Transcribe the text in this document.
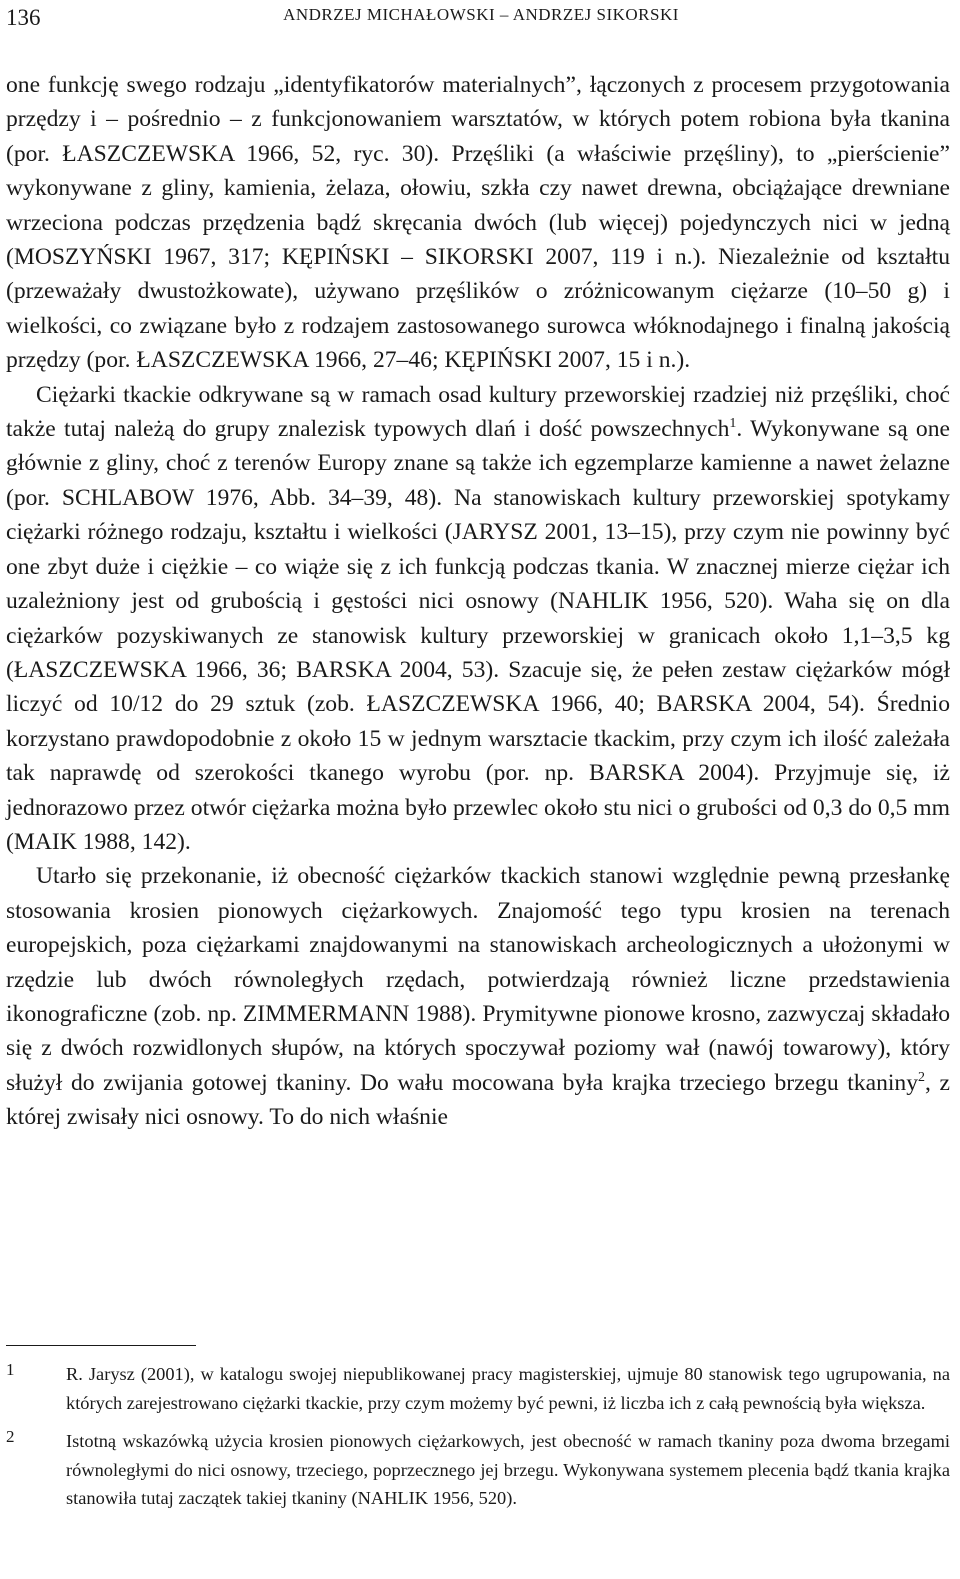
136	ANDRZEJ MICHAŁOWSKI – ANDRZEJ SIKORSKI

one funkcję swego rodzaju „identyfikatorów materialnych”, łączonych z procesem przygotowania przędzy i – pośrednio – z funkcjonowaniem warsztatów, w których potem robiona była tkanina (por. ŁASZCZEWSKA 1966, 52, ryc. 30). Przęśliki (a właściwie przęśliny), to „pierścienie” wykonywane z gliny, kamienia, żelaza, ołowiu, szkła czy nawet drewna, obciążające drewniane wrzeciona podczas przędzenia bądź skręcania dwóch (lub więcej) pojedynczych nici w jedną (MOSZYŃSKI 1967, 317; KĘPIŃSKI – SIKORSKI 2007, 119 i n.). Niezależnie od kształtu (przeważały dwustożkowate), używano przęślików o zróżnicowanym ciężarze (10–50 g) i wielkości, co związane było z rodzajem zastosowanego surowca włóknodajnego i finalną jakością przędzy (por. ŁASZCZEWSKA 1966, 27–46; KĘPIŃSKI 2007, 15 i n.).

Ciężarki tkackie odkrywane są w ramach osad kultury przeworskiej rzadziej niż przęśliki, choć także tutaj należą do grupy znalezisk typowych dlań i dość powszechnych$^1$. Wykonywane są one głównie z gliny, choć z terenów Europy znane są także ich egzemplarze kamienne a nawet żelazne (por. SCHLABOW 1976, Abb. 34–39, 48). Na stanowiskach kultury przeworskiej spotykamy ciężarki różnego rodzaju, kształtu i wielkości (JARYSZ 2001, 13–15), przy czym nie powinny być one zbyt duże i ciężkie – co wiąże się z ich funkcją podczas tkania. W znacznej mierze ciężar ich uzależniony jest od grubością i gęstości nici osnowy (NAHLIK 1956, 520). Waha się on dla ciężarków pozyskiwanych ze stanowisk kultury przeworskiej w granicach około 1,1–3,5 kg (ŁASZCZEWSKA 1966, 36; BARSKA 2004, 53). Szacuje się, że pełen zestaw ciężarków mógł liczyć od 10/12 do 29 sztuk (zob. ŁASZCZEWSKA 1966, 40; BARSKA 2004, 54). Średnio korzystano prawdopodobnie z około 15 w jednym warsztacie tkackim, przy czym ich ilość zależała tak naprawdę od szerokości tkanego wyrobu (por. np. BARSKA 2004). Przyjmuje się, iż jednorazowo przez otwór ciężarka można było przewlec około stu nici o grubości od 0,3 do 0,5 mm (MAIK 1988, 142).

Utarło się przekonanie, iż obecność ciężarków tkackich stanowi względnie pewną przesłankę stosowania krosien pionowych ciężarkowych. Znajomość tego typu krosien na terenach europejskich, poza ciężarkami znajdowanymi na stanowiskach archeologicznych a ułożonymi w rzędzie lub dwóch równoległych rzędach, potwierdzają również liczne przedstawienia ikonograficzne (zob. np. ZIMMERMANN 1988). Prymitywne pionowe krosno, zazwyczaj składało się z dwóch rozwidlonych słupów, na których spoczywał poziomy wał (nawój towarowy), który służył do zwijania gotowej tkaniny. Do wału mocowana była krajka trzeciego brzegu tkaniny$^2$, z której zwisały nici osnowy. To do nich właśnie

1	R. Jarysz (2001), w katalogu swojej niepublikowanej pracy magisterskiej, ujmuje 80 stanowisk tego ugrupowania, na których zarejestrowano ciężarki tkackie, przy czym możemy być pewni, iż liczba ich z całą pewnością była większa.
2	Istotną wskazówką użycia krosien pionowych ciężarkowych, jest obecność w ramach tkaniny poza dwoma brzegami równoległymi do nici osnowy, trzeciego, poprzecznego jej brzegu. Wykonywana systemem plecenia bądź tkania krajka stanowiła tutaj zaczątek takiej tkaniny (NAHLIK 1956, 520).
